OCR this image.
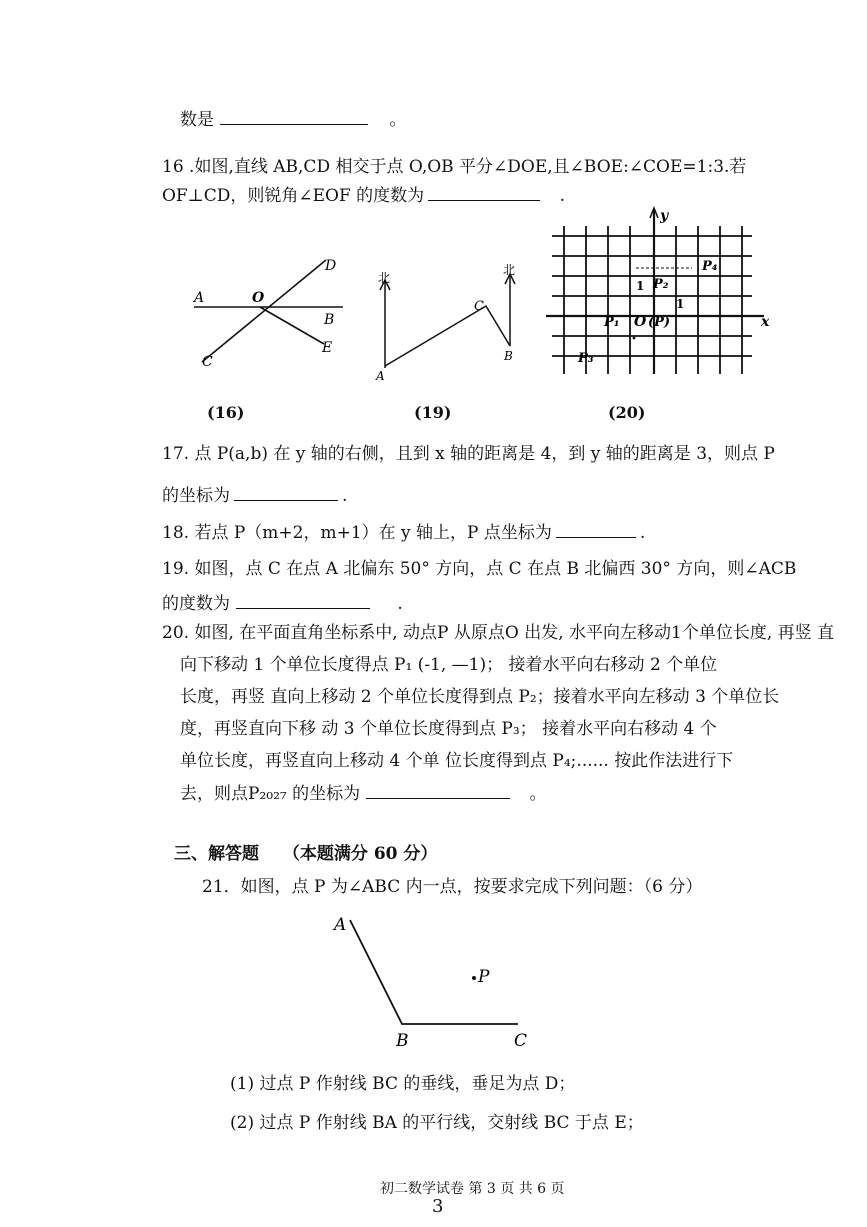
数是	。
16 .如图,直线 AB,CD 相交于点 O,OB 平分∠DOE,且∠BOE:∠COE=1:3.若
OF⊥CD，则锐角∠EOF 的度数为	.
A	O
B
C
D
E
(16)
北
北
A
B
C
(19)
y
x
P₄
P₂
1
1
P₁ O (P)
P₃
(20)
17. 点 P(a,b) 在 y 轴的右侧，且到 x 轴的距离是 4，到 y 轴的距离是 3，则点 P
的坐标为	.
18. 若点 P（m+2，m+1）在 y 轴上，P 点坐标为	.
19. 如图，点 C 在点 A 北偏东 50° 方向，点 C 在点 B 北偏西 30° 方向，则∠ACB
的度数为	.
20. 如图, 在平面直角坐标系中, 动点P 从原点O 出发, 水平向左移动1个单位长度, 再竖 直
向下移动 1 个单位长度得点 P₁ (-1, —1)； 接着水平向右移动 2 个单位
长度，再竖 直向上移动 2 个单位长度得到点 P₂；接着水平向左移动 3 个单位长
度，再竖直向下移 动 3 个单位长度得到点 P₃； 接着水平向右移动 4 个
单位长度，再竖直向上移动 4 个单 位长度得到点 P₄;...... 按此作法进行下
去，则点P₂₀₂₇ 的坐标为	。
三、解答题 （本题满分 60 分）
21．如图，点 P 为∠ABC 内一点，按要求完成下列问题：（6 分）
A
B	C
P
(1) 过点 P 作射线 BC 的垂线，垂足为点 D；
(2) 过点 P 作射线 BA 的平行线，交射线 BC 于点 E；
初二数学试卷 第 3 页 共 6 页
3
